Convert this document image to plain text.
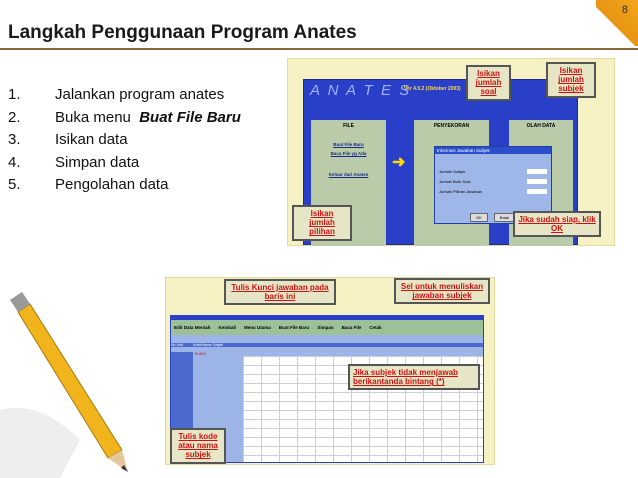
8
Langkah Penggunaan Program Anates
1.	Jalankan program anates
2.	Buka menu  Buat File Baru
3.	Isikan data
4.	Simpan data
5.	Pengolahan data
A N A T E S
Ver 4.0.2 (Oktober 2003)
FILE
Buat File Baru
Baca File yg Ada
Keluar dari Anates
PENYEKORAN	OLAH DATA
➜
Informasi Jawaban Subjek
Jumlah Subjek
Jumlah Butir Soal
Jumlah Pilihan Jawaban
OK	Batal
Isikan jumlah soal
Isikan jumlah subjek
Isikan jumlah pilihan
Jika sudah siap, klik OK
Edit Data Mentah Kembali Menu Utama Buat File Baru Simpan Baca File Cetak
No Urut	Kode/Nama Subjek
KUNCI
Tulis Kunci jawaban pada baris ini
Sel untuk menuliskan jawaban subjek
Jika subjek tidak menjawab berikantanda bintang (*)
Tulis kode atau nama subjek
